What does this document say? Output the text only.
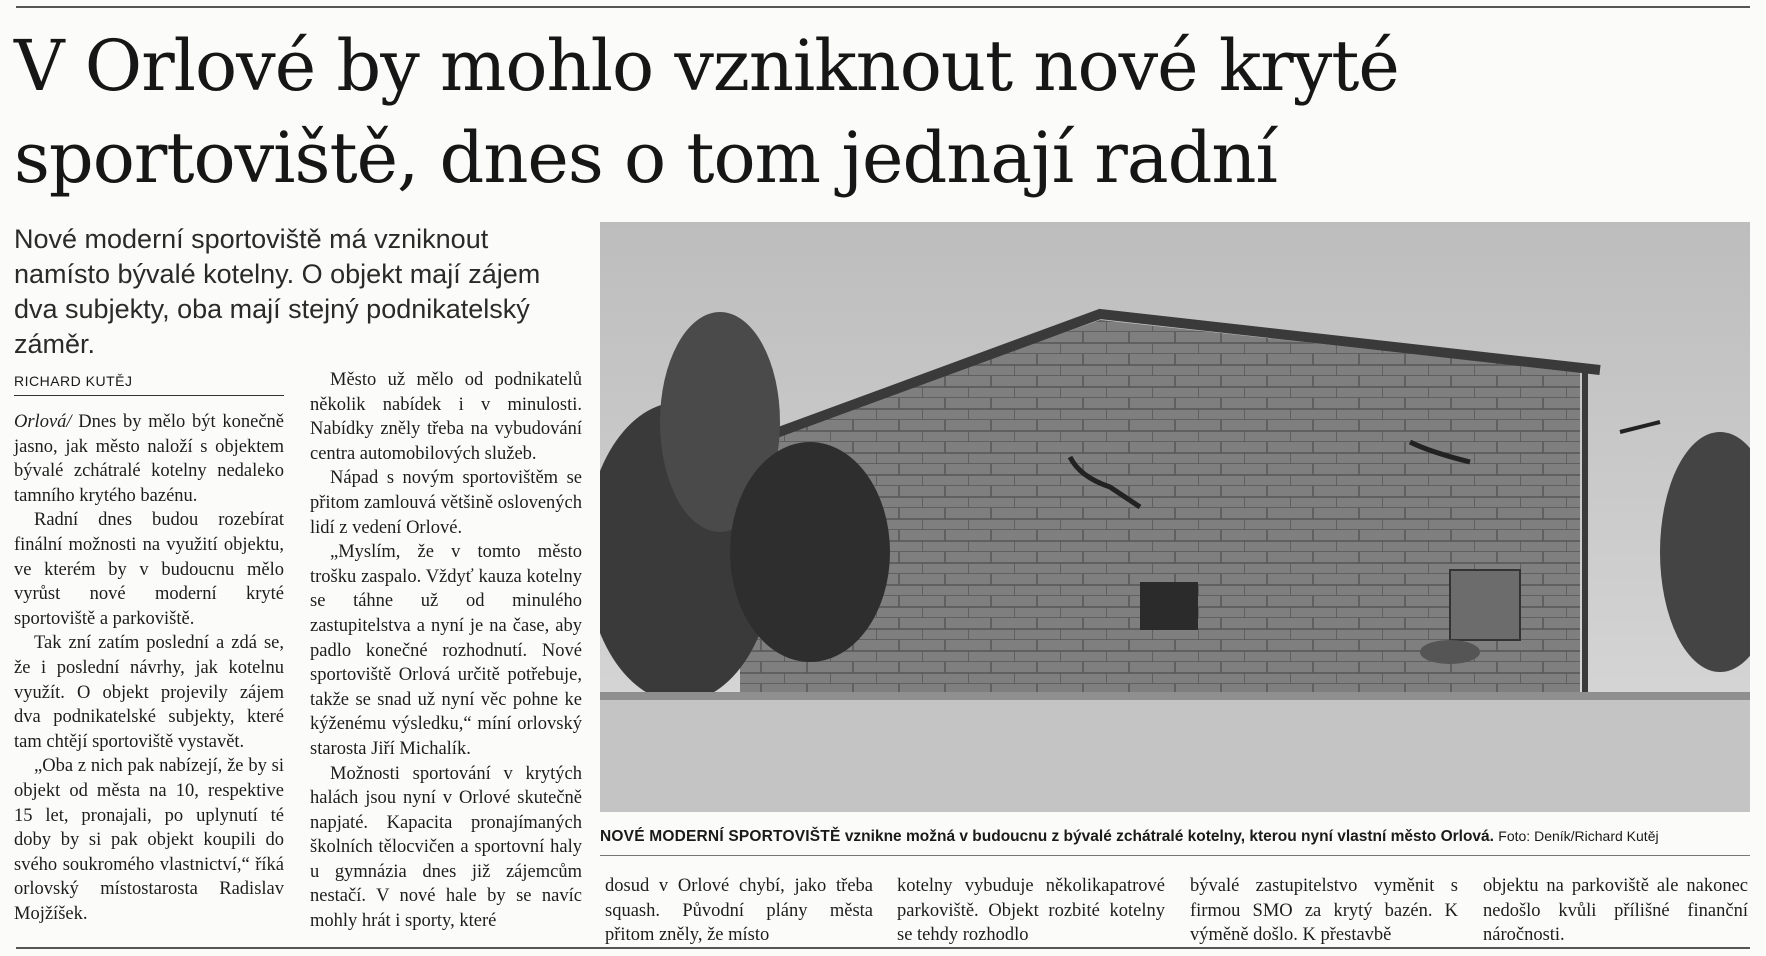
V Orlové by mohlo vzniknout nové kryté sportoviště, dnes o tom jednají radní
Nové moderní sportoviště má vzniknout namísto bývalé kotelny. O objekt mají zájem dva subjekty, oba mají stejný podnikatelský záměr.
RICHARD KUTĚJ

Orlová/ Dnes by mělo být konečně jasno, jak město naloží s objektem bývalé zchátralé kotelny nedaleko tamního krytého bazénu.

Radní dnes budou rozebírat finální možnosti na využití objektu, ve kterém by v budoucnu mělo vyrůst nové moderní kryté sportoviště a parkoviště.

Tak zní zatím poslední a zdá se, že i poslední návrhy, jak kotelnu využít. O objekt projevily zájem dva podnikatelské subjekty, které tam chtějí sportoviště vystavět.

„Oba z nich pak nabízejí, že by si objekt od města na 10, respektive 15 let, pronajali, po uplynutí té doby by si pak objekt koupili do svého soukromého vlastnictví,“ říká orlovský místostarosta Radislav Mojžíšek.

Město už mělo od podnikatelů několik nabídek i v minulosti. Nabídky zněly třeba na vybudování centra automobilových služeb.

Nápad s novým sportovištěm se přitom zamlouvá většině oslovených lidí z vedení Orlové.

„Myslím, že v tomto město trošku zaspalo. Vždyť kauza kotelny se táhne už od minulého zastupitelstva a nyní je na čase, aby padlo konečné rozhodnutí. Nové sportoviště Orlová určitě potřebuje, takže se snad už nyní věc pohne ke kýženému výsledku,“ míní orlovský starosta Jiří Michalík.

Možnosti sportování v krytých halách jsou nyní v Orlové skutečně napjaté. Kapacita pronajímaných školních tělocvičen a sportovní haly u gymnázia dnes již zájemcům nestačí. V nové hale by se navíc mohly hrát i sporty, které

NOVÉ MODERNÍ SPORTOVIŠTĚ vznikne možná v budoucnu z bývalé zchátralé kotelny, kterou nyní vlastní město Orlová. Foto: Deník/Richard Kutěj

dosud v Orlové chybí, jako třeba squash. Původní plány města přitom zněly, že místo

kotelny vybuduje několikapatrové parkoviště. Objekt rozbité kotelny se tehdy rozhodlo

bývalé zastupitelstvo vyměnit s firmou SMO za krytý bazén. K výměně došlo. K přestavbě

objektu na parkoviště ale nakonec nedošlo kvůli přílišné finanční náročnosti.
